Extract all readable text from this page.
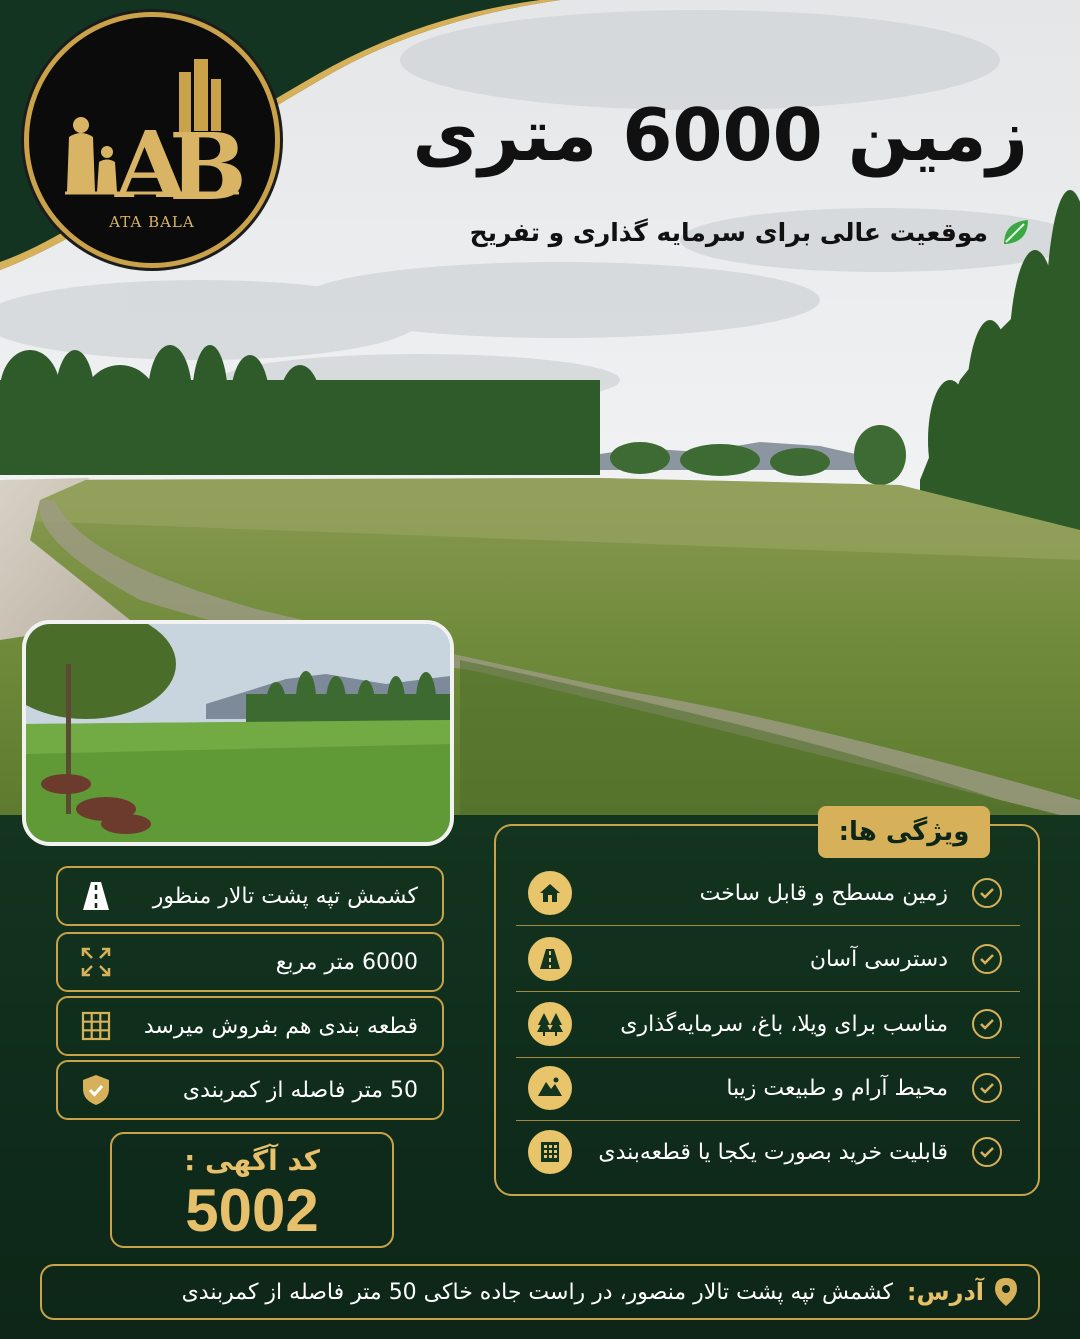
A
B
ATA BALA
زمین 6000 متری
موقعیت عالی برای سرمایه گذاری و تفریح
ویژگی ها:
زمین مسطح و قابل ساخت
دسترسی آسان
مناسب برای ویلا، باغ، سرمایه‌گذاری
محیط آرام و طبیعت زیبا
قابلیت خرید بصورت یکجا یا قطعه‌بندی
کشمش تپه پشت تالار منظور
6000 متر مربع
قطعه بندی هم بفروش میرسد
50 متر فاصله از کمربندی
کد آگهی :
5002
آدرس:
کشمش تپه پشت تالار منصور، در راست جاده خاکی 50 متر فاصله از کمربندی
